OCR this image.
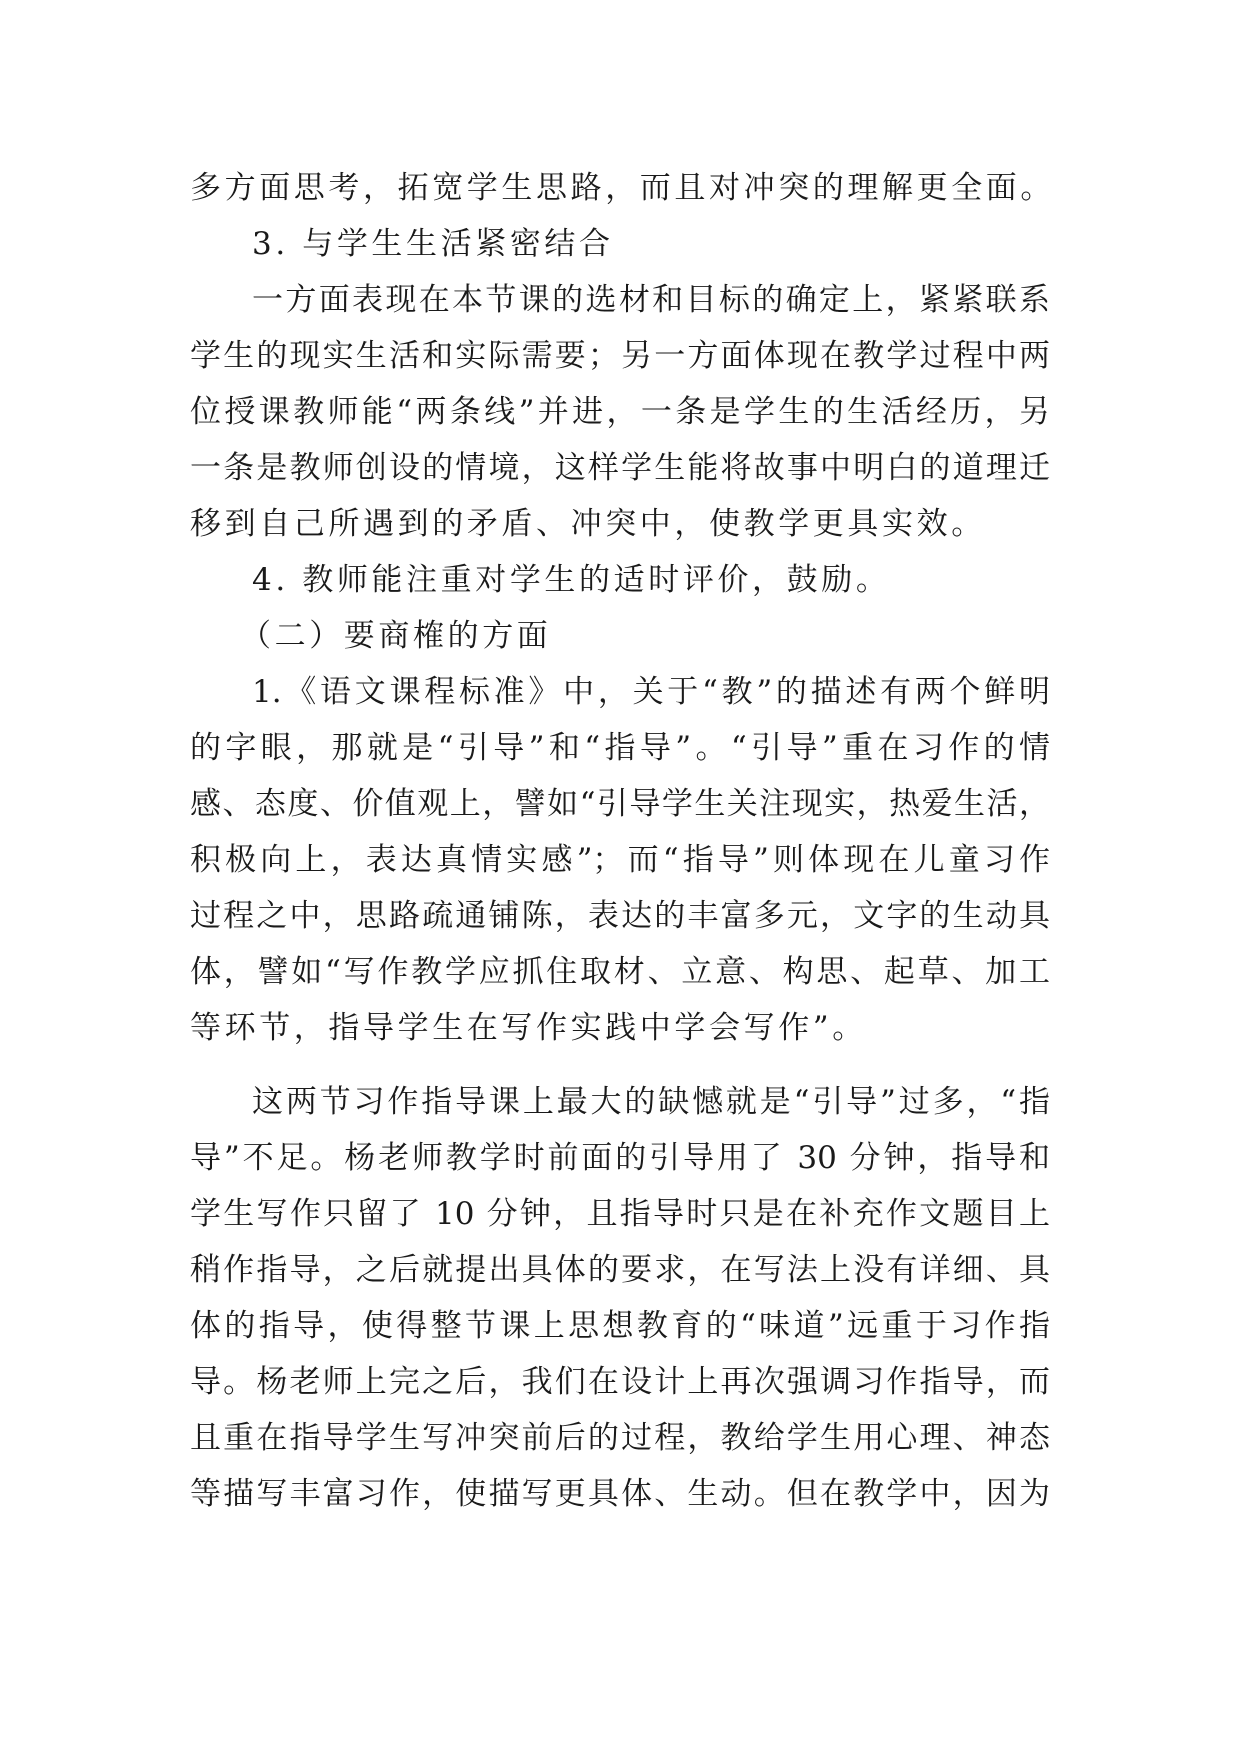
多方面思考，拓宽学生思路，而且对冲突的理解更全面。
3. 与学生生活紧密结合
一方面表现在本节课的选材和目标的确定上，紧紧联系
学生的现实生活和实际需要；另一方面体现在教学过程中两
位授课教师能“两条线”并进，一条是学生的生活经历，另
一条是教师创设的情境，这样学生能将故事中明白的道理迁
移到自己所遇到的矛盾、冲突中，使教学更具实效。
4. 教师能注重对学生的适时评价，鼓励。
（二）要商榷的方面
1.《语文课程标准》中，关于“教”的描述有两个鲜明
的字眼，那就是“引导”和“指导”。“引导”重在习作的情
感、态度、价值观上，譬如“引导学生关注现实，热爱生活，
积极向上，表达真情实感”；而“指导”则体现在儿童习作
过程之中，思路疏通铺陈，表达的丰富多元，文字的生动具
体，譬如“写作教学应抓住取材、立意、构思、起草、加工
等环节，指导学生在写作实践中学会写作”。
这两节习作指导课上最大的缺憾就是“引导”过多，“指
导”不足。杨老师教学时前面的引导用了 30 分钟，指导和
学生写作只留了 10 分钟，且指导时只是在补充作文题目上
稍作指导，之后就提出具体的要求，在写法上没有详细、具
体的指导，使得整节课上思想教育的“味道”远重于习作指
导。杨老师上完之后，我们在设计上再次强调习作指导，而
且重在指导学生写冲突前后的过程，教给学生用心理、神态
等描写丰富习作，使描写更具体、生动。但在教学中，因为
